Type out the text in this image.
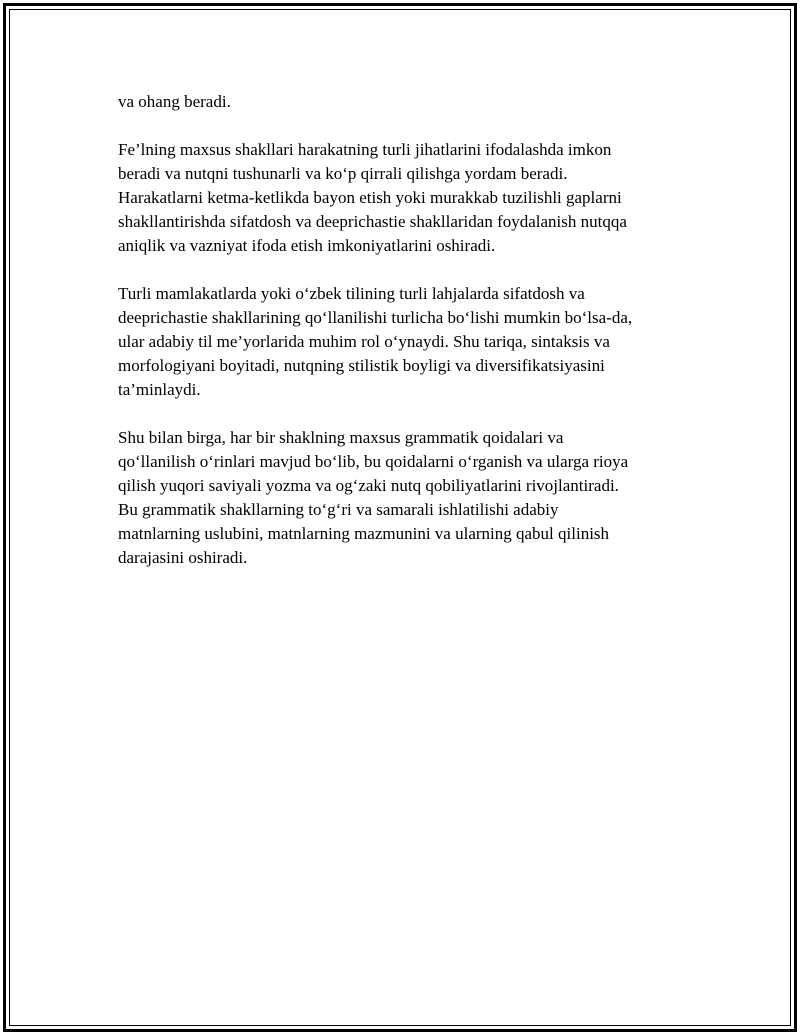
va ohang beradi.

Fe’lning maxsus shakllari harakatning turli jihatlarini ifodalashda imkon
beradi va nutqni tushunarli va ko‘p qirrali qilishga yordam beradi.
Harakatlarni ketma-ketlikda bayon etish yoki murakkab tuzilishli gaplarni
shakllantirishda sifatdosh va deeprichastie shakllaridan foydalanish nutqqa
aniqlik va vazniyat ifoda etish imkoniyatlarini oshiradi.

Turli mamlakatlarda yoki o‘zbek tilining turli lahjalarda sifatdosh va
deeprichastie shakllarining qo‘llanilishi turlicha bo‘lishi mumkin bo‘lsa-da,
ular adabiy til me’yorlarida muhim rol o‘ynaydi. Shu tariqa, sintaksis va
morfologiyani boyitadi, nutqning stilistik boyligi va diversifikatsiyasini
ta’minlaydi.

Shu bilan birga, har bir shaklning maxsus grammatik qoidalari va
qo‘llanilish o‘rinlari mavjud bo‘lib, bu qoidalarni o‘rganish va ularga rioya
qilish yuqori saviyali yozma va og‘zaki nutq qobiliyatlarini rivojlantiradi.
Bu grammatik shakllarning to‘g‘ri va samarali ishlatilishi adabiy
matnlarning uslubini, matnlarning mazmunini va ularning qabul qilinish
darajasini oshiradi.
